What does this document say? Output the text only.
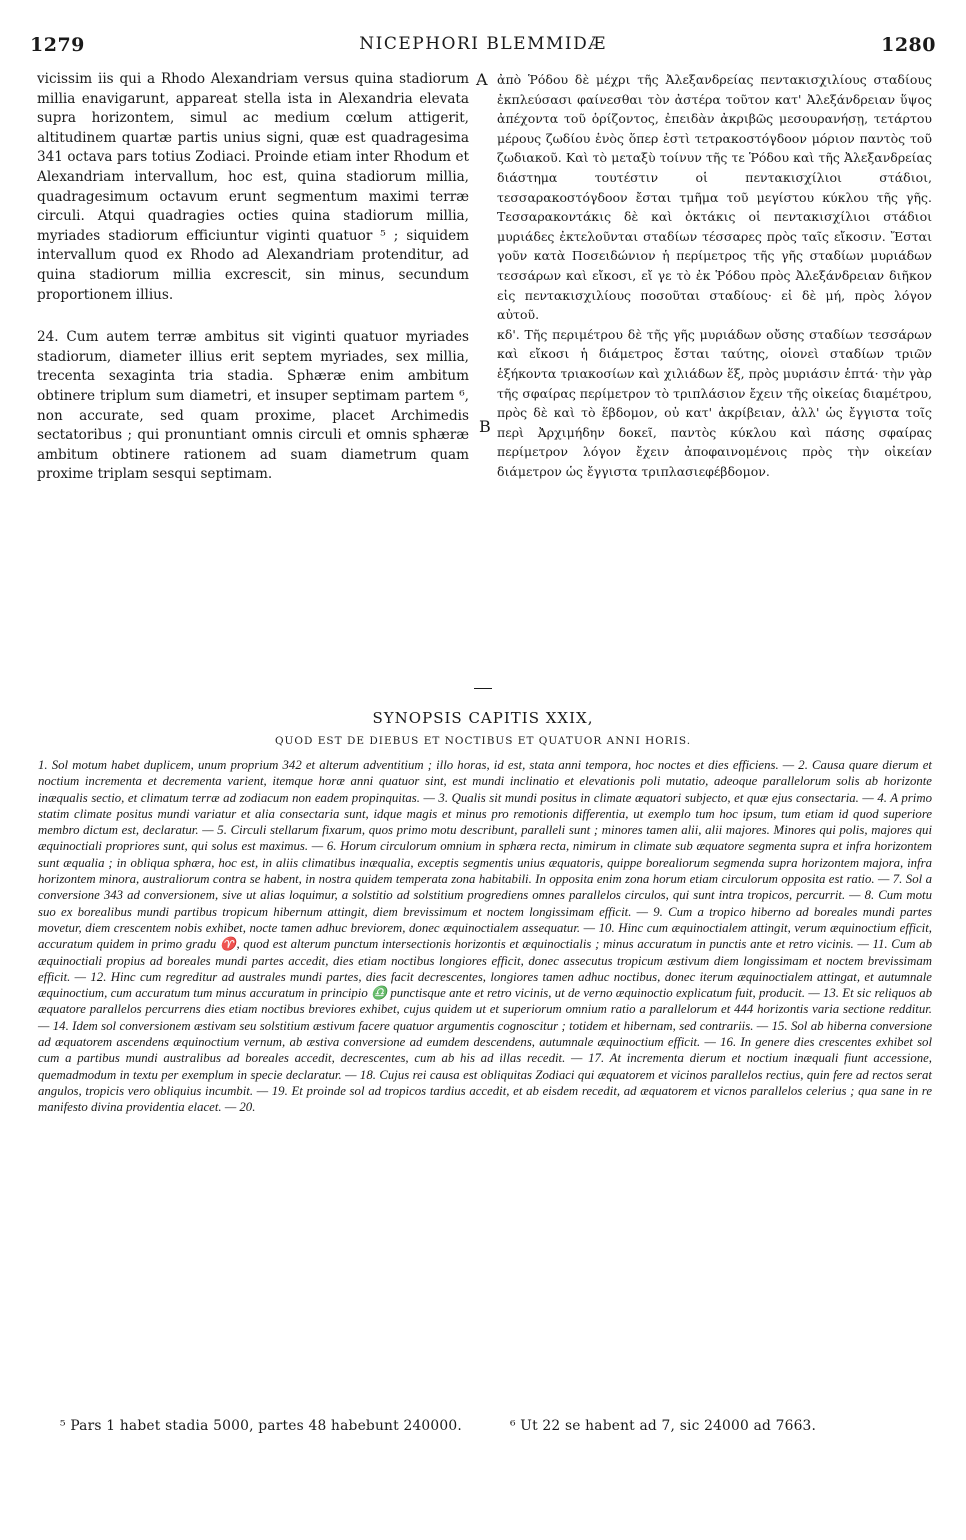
1279	NICEPHORI BLEMMIDÆ	1280
A
B

vicissim iis qui a Rhodo Alexandriam versus quina stadiorum millia enavigarunt, appareat stella ista in Alexandria elevata supra horizontem, simul ac medium cœlum attigerit, altitudinem quartæ partis unius signi, quæ est quadragesima 341 octava pars totius Zodiaci. Proinde etiam inter Rhodum et Alexandriam intervallum, hoc est, quina stadiorum millia, quadragesimum octavum erunt segmentum maximi terræ circuli. Atqui quadragies octies quina stadiorum millia, myriades stadiorum efficiuntur viginti quatuor ⁵ ; siquidem intervallum quod ex Rhodo ad Alexandriam protenditur, ad quina stadiorum millia excrescit, sin minus, secundum proportionem illius.

24. Cum autem terræ ambitus sit viginti quatuor myriades stadiorum, diameter illius erit septem myriades, sex millia, trecenta sexaginta tria stadia. Sphæræ enim ambitum obtinere triplum sum diametri, et insuper septimam partem ⁶, non accurate, sed quam proxime, placet Archimedis sectatoribus ; qui pronuntiant omnis circuli et omnis sphæræ ambitum obtinere rationem ad suam diametrum quam proxime triplam sesqui septimam.

ἀπὸ Ῥόδου δὲ μέχρι τῆς Ἀλεξανδρείας πεντακισχιλίους σταδίους ἐκπλεύσασι φαίνεσθαι τὸν ἀστέρα τοῦτον κατ' Ἀλεξάνδρειαν ὕψος ἀπέχοντα τοῦ ὁρίζοντος, ἐπειδὰν ἀκριβῶς μεσουρανήσῃ, τετάρτου μέρους ζωδίου ἑνὸς ὅπερ ἐστὶ τετρακοστόγδοον μόριον παντὸς τοῦ ζωδιακοῦ. Καὶ τὸ μεταξὺ τοίνυν τῆς τε Ῥόδου καὶ τῆς Ἀλεξανδρείας διάστημα τουτέστιν οἱ πεντακισχίλιοι στάδιοι, τεσσαρακοστόγδοον ἔσται τμῆμα τοῦ μεγίστου κύκλου τῆς γῆς. Τεσσαρακοντάκις δὲ καὶ ὀκτάκις οἱ πεντακισχίλιοι στάδιοι μυριάδες ἐκτελοῦνται σταδίων τέσσαρες πρὸς ταῖς εἴκοσιν. Ἔσται γοῦν κατὰ Ποσειδώνιον ἡ περίμετρος τῆς γῆς σταδίων μυριάδων τεσσάρων καὶ εἴκοσι, εἴ γε τὸ ἐκ Ῥόδου πρὸς Ἀλεξάνδρειαν διῆκον εἰς πεντακισχιλίους ποσοῦται σταδίους· εἰ δὲ μή, πρὸς λόγον αὐτοῦ.

κδ'. Τῆς περιμέτρου δὲ τῆς γῆς μυριάδων οὔσης σταδίων τεσσάρων καὶ εἴκοσι ἡ διάμετρος ἔσται ταύτης, οἱονεὶ σταδίων τριῶν ἑξήκοντα τριακοσίων καὶ χιλιάδων ἕξ, πρὸς μυριάσιν ἑπτά· τὴν γὰρ τῆς σφαίρας περίμετρον τὸ τριπλάσιον ἔχειν τῆς οἰκείας διαμέτρου, πρὸς δὲ καὶ τὸ ἕβδομον, οὐ κατ' ἀκρίβειαν, ἀλλ' ὡς ἔγγιστα τοῖς περὶ Ἀρχιμήδην δοκεῖ, παντὸς κύκλου καὶ πάσης σφαίρας περίμετρον λόγον ἔχειν ἀποφαινομένοις πρὸς τὴν οἰκείαν διάμετρον ὡς ἔγγιστα τριπλασιεφέβδομον.

SYNOPSIS CAPITIS XXIX,
QUOD EST DE DIEBUS ET NOCTIBUS ET QUATUOR ANNI HORIS.
1. Sol motum habet duplicem, unum proprium 342 et alterum adventitium ; illo horas, id est, stata anni tempora, hoc noctes et dies efficiens. — 2. Causa quare dierum et noctium incrementa et decrementa varient, itemque horæ anni quatuor sint, est mundi inclinatio et elevationis poli mutatio, adeoque parallelorum solis ab horizonte inæqualis sectio, et climatum terræ ad zodiacum non eadem propinquitas. — 3. Qualis sit mundi positus in climate æquatori subjecto, et quæ ejus consectaria. — 4. A primo statim climate positus mundi variatur et alia consectaria sunt, idque magis et minus pro remotionis differentia, ut exemplo tum hoc ipsum, tum etiam id quod superiore membro dictum est, declaratur. — 5. Circuli stellarum fixarum, quos primo motu describunt, paralleli sunt ; minores tamen alii, alii majores. Minores qui polis, majores qui æquinoctiali propriores sunt, qui solus est maximus. — 6. Horum circulorum omnium in sphæra recta, nimirum in climate sub æquatore segmenta supra et infra horizontem sunt æqualia ; in obliqua sphæra, hoc est, in aliis climatibus inæqualia, exceptis segmentis unius æquatoris, quippe borealiorum segmenda supra horizontem majora, infra horizontem minora, australiorum contra se habent, in nostra quidem temperata zona habitabili. In opposita enim zona horum etiam circulorum opposita est ratio. — 7. Sol a conversione 343 ad conversionem, sive ut alias loquimur, a solstitio ad solstitium progrediens omnes parallelos circulos, qui sunt intra tropicos, percurrit. — 8. Cum motu suo ex borealibus mundi partibus tropicum hibernum attingit, diem brevissimum et noctem longissimam efficit. — 9. Cum a tropico hiberno ad boreales mundi partes movetur, diem crescentem nobis exhibet, nocte tamen adhuc breviorem, donec æquinoctialem assequatur. — 10. Hinc cum æquinoctialem attingit, verum æquinoctium efficit, accuratum quidem in primo gradu ♈, quod est alterum punctum intersectionis horizontis et æquinoctialis ; minus accuratum in punctis ante et retro vicinis. — 11. Cum ab æquinoctiali propius ad boreales mundi partes accedit, dies etiam noctibus longiores efficit, donec assecutus tropicum æstivum diem longissimam et noctem brevissimam efficit. — 12. Hinc cum regreditur ad australes mundi partes, dies facit decrescentes, longiores tamen adhuc noctibus, donec iterum æquinoctialem attingat, et autumnale æquinoctium, cum accuratum tum minus accuratum in principio ♎ punctisque ante et retro vicinis, ut de verno æquinoctio explicatum fuit, producit. — 13. Et sic reliquos ab æquatore parallelos percurrens dies etiam noctibus breviores exhibet, cujus quidem ut et superiorum omnium ratio a parallelorum et 444 horizontis varia sectione redditur. — 14. Idem sol conversionem æstivam seu solstitium æstivum facere quatuor argumentis cognoscitur ; totidem et hibernam, sed contrariis. — 15. Sol ab hiberna conversione ad æquatorem ascendens æquinoctium vernum, ab æstiva conversione ad eumdem descendens, autumnale æquinoctium efficit. — 16. In genere dies crescentes exhibet sol cum a partibus mundi australibus ad boreales accedit, decrescentes, cum ab his ad illas recedit. — 17. At incrementa dierum et noctium inæquali fiunt accessione, quemadmodum in textu per exemplum in specie declaratur. — 18. Cujus rei causa est obliquitas Zodiaci qui æquatorem et vicinos parallelos rectius, quin fere ad rectos serat angulos, tropicis vero obliquius incumbit. — 19. Et proinde sol ad tropicos tardius accedit, et ab eisdem recedit, ad æquatorem et vicnos parallelos celerius ; qua sane in re manifesto divina providentia elacet. — 20.
⁵ Pars 1 habet stadia 5000, partes 48 habebunt 240000.	⁶ Ut 22 se habent ad 7, sic 24000 ad 7663.
